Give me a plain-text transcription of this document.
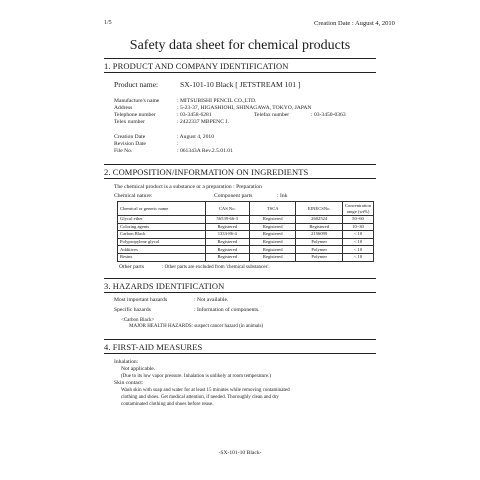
1/5	Creation Date : August 4, 2010
Safety data sheet for chemical products
1. PRODUCT AND COMPANY IDENTIFICATION
Product name:	SX-101-10 Black [ JETSTREAM 101 ]
Manufacture's name	: MITSUBISHI PENCIL CO.,LTD.
Address	: 5-23-37, HIGASHIOHI, SHINAGAWA, TOKYO, JAPAN
Telephone number	: 03-3458-6281	Telefax number	: 03-3450-0363
Telex number	: 2422337 MBPENC J.
Creation Date	: August 4, 2010
Revision Date	:
File No.	: 061343A Rev.2.5.01.01
2. COMPOSITION/INFORMATION ON INGREDIENTS
The chemical product is a substance or a preparation : Preparation
Chemical nature:	Component parts	: Ink
Chemical or generic name	CAS No.	TSCA	EINECSNo.	Concentration range (wt%)
Glycol ether	56539-66-3	Registered	2602524	50~60
Coloring agents	Registered	Registered	Registered	10~30
Carbon Black	1333-86-4	Registered	2156099	< 10
Polypropylene glycol	Registered	Registered	Polymer	< 10
Additives	Registered	Registered	Polymer	< 10
Resins	Registered	Registered	Polymer	< 10
Other parts	: Other parts are excluded from 'chemical substances'.
3. HAZARDS IDENTIFICATION
Most important hazards	: Not available.
Specific hazards	: Information of components.
<Carbon Black>
MAJOR HEALTH HAZARDS: suspect cancer hazard (in animals)
4. FIRST-AID MEASURES
Inhalation:
Not applicable.
(Due to its low vapor pressure. Inhalation is unlikely at room temperature.)
Skin contact:
Wash skin with soap and water for at least 15 minutes while removing contaminated
clothing and shoes. Get medical attention, if needed. Thoroughly clean and dry
contaminated clothing and shoes before reuse.
-SX-101-10 Black-
